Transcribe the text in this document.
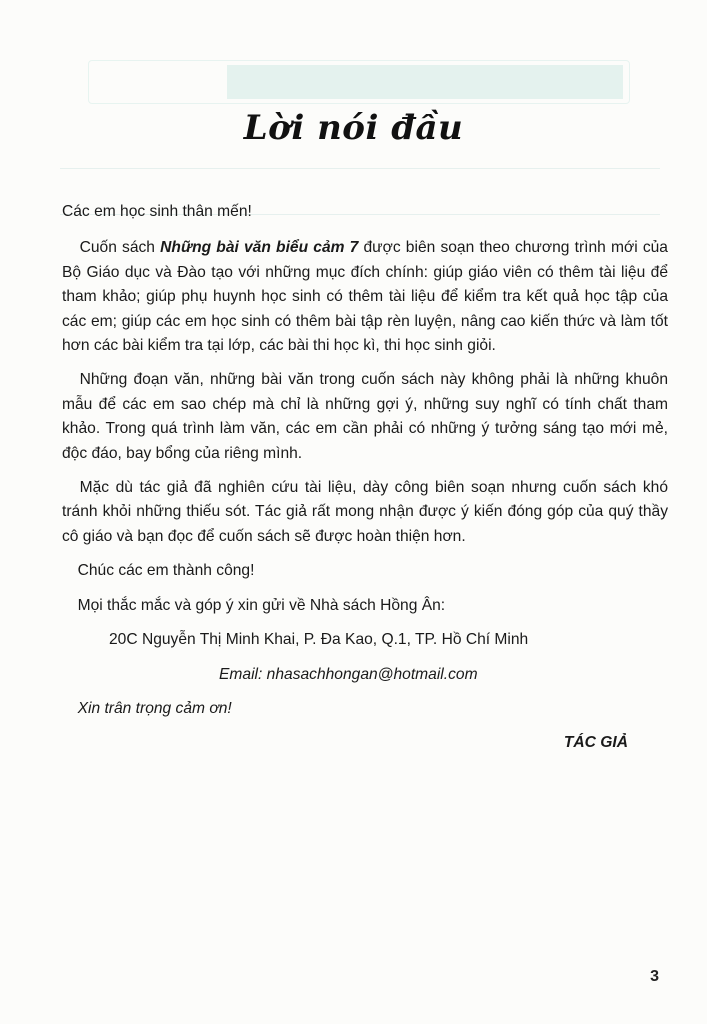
Lời nói đầu

Các em học sinh thân mến!

 Cuốn sách Những bài văn biểu cảm 7 được biên soạn theo chương trình mới của Bộ Giáo dục và Đào tạo với những mục đích chính: giúp giáo viên có thêm tài liệu để tham khảo; giúp phụ huynh học sinh có thêm tài liệu để kiểm tra kết quả học tập của các em; giúp các em học sinh có thêm bài tập rèn luyện, nâng cao kiến thức và làm tốt hơn các bài kiểm tra tại lớp, các bài thi học kì, thi học sinh giỏi.

 Những đoạn văn, những bài văn trong cuốn sách này không phải là những khuôn mẫu để các em sao chép mà chỉ là những gợi ý, những suy nghĩ có tính chất tham khảo. Trong quá trình làm văn, các em cần phải có những ý tưởng sáng tạo mới mẻ, độc đáo, bay bổng của riêng mình.

 Mặc dù tác giả đã nghiên cứu tài liệu, dày công biên soạn nhưng cuốn sách khó tránh khỏi những thiếu sót. Tác giả rất mong nhận được ý kiến đóng góp của quý thầy cô giáo và bạn đọc để cuốn sách sẽ được hoàn thiện hơn.

 Chúc các em thành công!
 Mọi thắc mắc và góp ý xin gửi về Nhà sách Hồng Ân:
20C Nguyễn Thị Minh Khai, P. Đa Kao, Q.1, TP. Hồ Chí Minh
Email: nhasachhongan@hotmail.com
 Xin trân trọng cảm ơn!
TÁC GIẢ
3
